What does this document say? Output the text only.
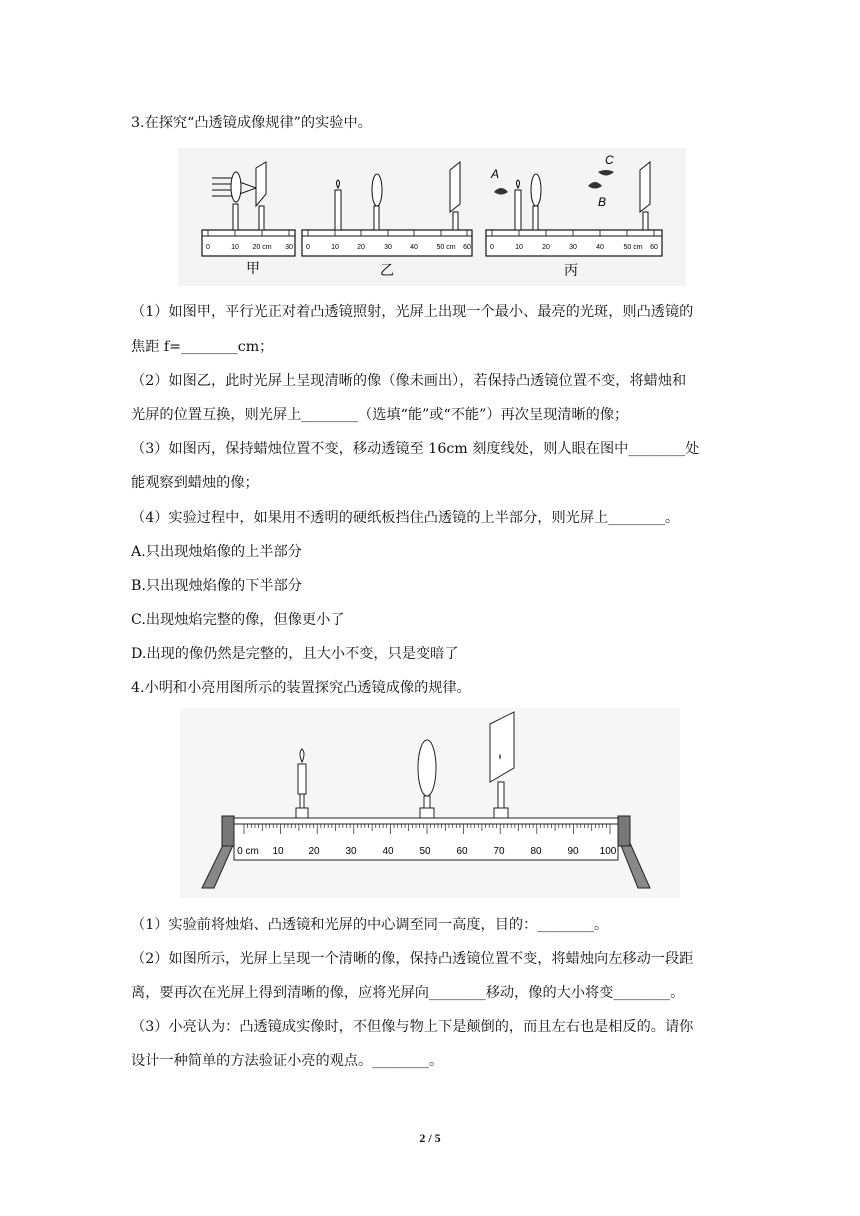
3.在探究“凸透镜成像规律”的实验中。
0	10 20 cm 30
甲
0	10	20	30	40	50 cm 60
乙
0	10	20	30	40	50 cm 60
A
C
B
丙
（1）如图甲，平行光正对着凸透镜照射，光屏上出现一个最小、最亮的光斑，则凸透镜的
焦距 f=________cm；
（2）如图乙，此时光屏上呈现清晰的像（像未画出），若保持凸透镜位置不变，将蜡烛和
光屏的位置互换，则光屏上________（选填“能”或“不能”）再次呈现清晰的像；
（3）如图丙，保持蜡烛位置不变，移动透镜至 16cm 刻度线处，则人眼在图中________处
能观察到蜡烛的像；
（4）实验过程中，如果用不透明的硬纸板挡住凸透镜的上半部分，则光屏上________。
A.只出现烛焰像的上半部分
B.只出现烛焰像的下半部分
C.出现烛焰完整的像，但像更小了
D.出现的像仍然是完整的，且大小不变，只是变暗了
4.小明和小亮用图所示的装置探究凸透镜成像的规律。
0 cm 10 20	30	40	50	60	70	80	90 100
（1）实验前将烛焰、凸透镜和光屏的中心调至同一高度，目的：________。
（2）如图所示，光屏上呈现一个清晰的像，保持凸透镜位置不变，将蜡烛向左移动一段距
离，要再次在光屏上得到清晰的像，应将光屏向________移动，像的大小将变________。
（3）小亮认为：凸透镜成实像时，不但像与物上下是颠倒的，而且左右也是相反的。请你
设计一种简单的方法验证小亮的观点。________。
2 / 5
